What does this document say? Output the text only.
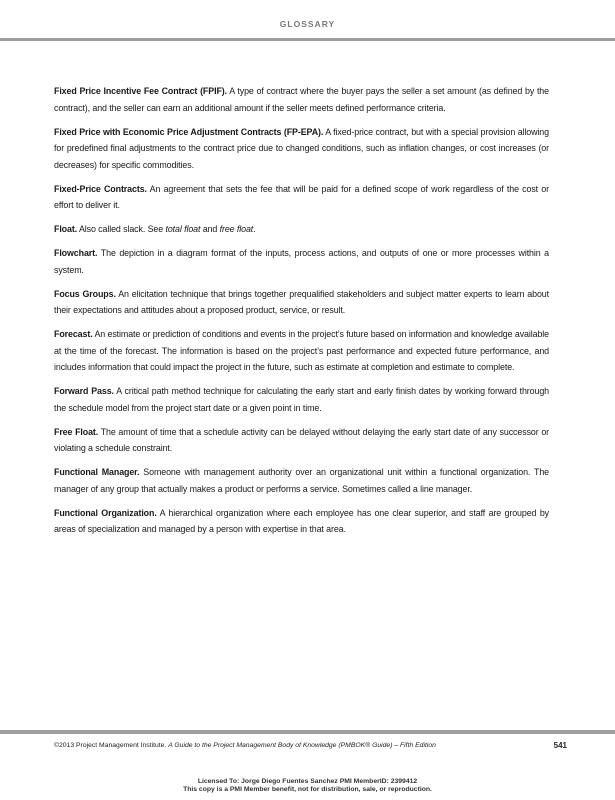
GLOSSARY

Fixed Price Incentive Fee Contract (FPIF). A type of contract where the buyer pays the seller a set amount (as defined by the contract), and the seller can earn an additional amount if the seller meets defined performance criteria.

Fixed Price with Economic Price Adjustment Contracts (FP-EPA). A fixed-price contract, but with a special provision allowing for predefined final adjustments to the contract price due to changed conditions, such as inflation changes, or cost increases (or decreases) for specific commodities.

Fixed-Price Contracts. An agreement that sets the fee that will be paid for a defined scope of work regardless of the cost or effort to deliver it.

Float. Also called slack. See total float and free float.

Flowchart. The depiction in a diagram format of the inputs, process actions, and outputs of one or more processes within a system.

Focus Groups. An elicitation technique that brings together prequalified stakeholders and subject matter experts to learn about their expectations and attitudes about a proposed product, service, or result.

Forecast. An estimate or prediction of conditions and events in the project’s future based on information and knowledge available at the time of the forecast. The information is based on the project’s past performance and expected future performance, and includes information that could impact the project in the future, such as estimate at completion and estimate to complete.

Forward Pass. A critical path method technique for calculating the early start and early finish dates by working forward through the schedule model from the project start date or a given point in time.

Free Float. The amount of time that a schedule activity can be delayed without delaying the early start date of any successor or violating a schedule constraint.

Functional Manager. Someone with management authority over an organizational unit within a functional organization. The manager of any group that actually makes a product or performs a service. Sometimes called a line manager.

Functional Organization. A hierarchical organization where each employee has one clear superior, and staff are grouped by areas of specialization and managed by a person with expertise in that area.

©2013 Project Management Institute. A Guide to the Project Management Body of Knowledge (PMBOK® Guide) – Fifth Edition	541
Licensed To: Jorge Diego Fuentes Sanchez PMI MemberID: 2399412
This copy is a PMI Member benefit, not for distribution, sale, or reproduction.
